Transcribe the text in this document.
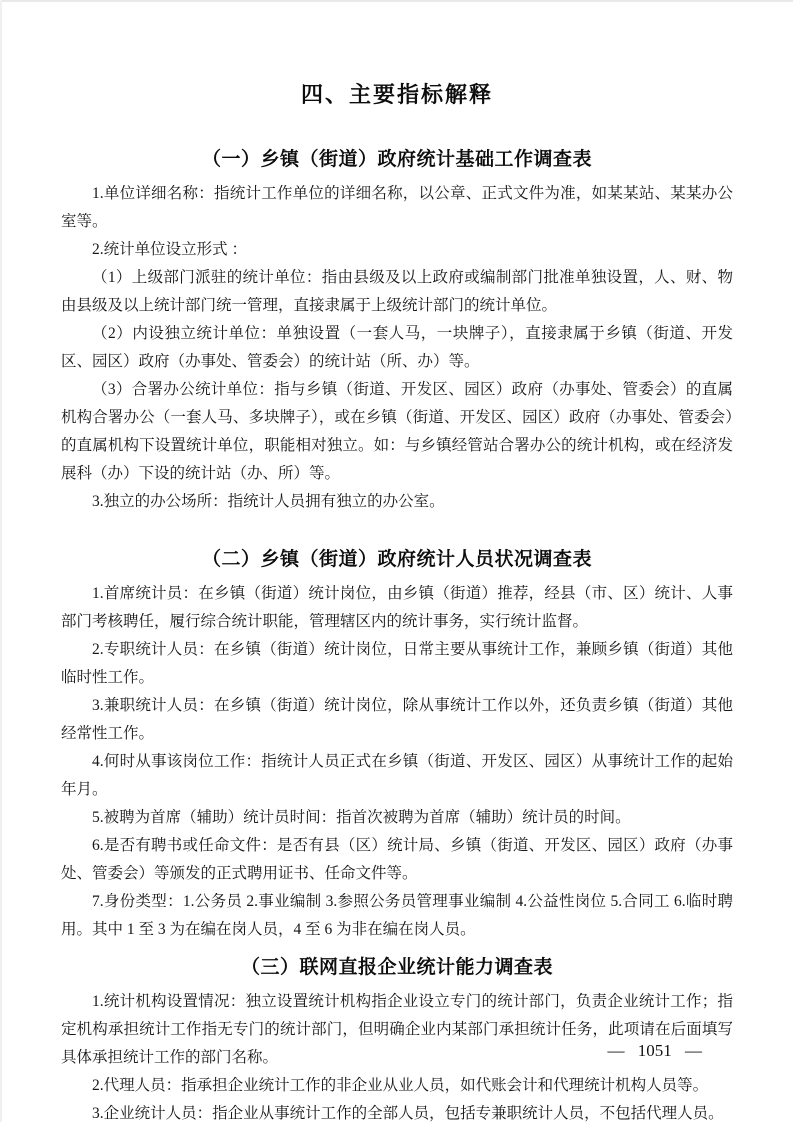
四、主要指标解释
（一）乡镇（街道）政府统计基础工作调查表

1.单位详细名称：指统计工作单位的详细名称，以公章、正式文件为准，如某某站、某某办公室等。

2.统计单位设立形式 ：

（1）上级部门派驻的统计单位：指由县级及以上政府或编制部门批准单独设置，人、财、物由县级及以上统计部门统一管理，直接隶属于上级统计部门的统计单位。

（2）内设独立统计单位：单独设置（一套人马，一块牌子），直接隶属于乡镇（街道、开发区、园区）政府（办事处、管委会）的统计站（所、办）等。

（3）合署办公统计单位：指与乡镇（街道、开发区、园区）政府（办事处、管委会）的直属机构合署办公（一套人马、多块牌子），或在乡镇（街道、开发区、园区）政府（办事处、管委会）的直属机构下设置统计单位，职能相对独立。如：与乡镇经管站合署办公的统计机构，或在经济发展科（办）下设的统计站（办、所）等。

3.独立的办公场所：指统计人员拥有独立的办公室。

（二）乡镇（街道）政府统计人员状况调查表

1.首席统计员：在乡镇（街道）统计岗位，由乡镇（街道）推荐，经县（市、区）统计、人事部门考核聘任，履行综合统计职能，管理辖区内的统计事务，实行统计监督。

2.专职统计人员：在乡镇（街道）统计岗位，日常主要从事统计工作，兼顾乡镇（街道）其他临时性工作。

3.兼职统计人员：在乡镇（街道）统计岗位，除从事统计工作以外，还负责乡镇（街道）其他经常性工作。

4.何时从事该岗位工作：指统计人员正式在乡镇（街道、开发区、园区）从事统计工作的起始年月。

5.被聘为首席（辅助）统计员时间：指首次被聘为首席（辅助）统计员的时间。

6.是否有聘书或任命文件：是否有县（区）统计局、乡镇（街道、开发区、园区）政府（办事处、管委会）等颁发的正式聘用证书、任命文件等。

7.身份类型：1.公务员 2.事业编制 3.参照公务员管理事业编制 4.公益性岗位 5.合同工 6.临时聘用。其中 1 至 3 为在编在岗人员，4 至 6 为非在编在岗人员。

（三）联网直报企业统计能力调查表

1.统计机构设置情况：独立设置统计机构指企业设立专门的统计部门，负责企业统计工作；指定机构承担统计工作指无专门的统计部门，但明确企业内某部门承担统计任务，此项请在后面填写具体承担统计工作的部门名称。

2.代理人员：指承担企业统计工作的非企业从业人员，如代账会计和代理统计机构人员等。

3.企业统计人员：指企业从事统计工作的全部人员，包括专兼职统计人员，不包括代理人员。

— 1051 —
